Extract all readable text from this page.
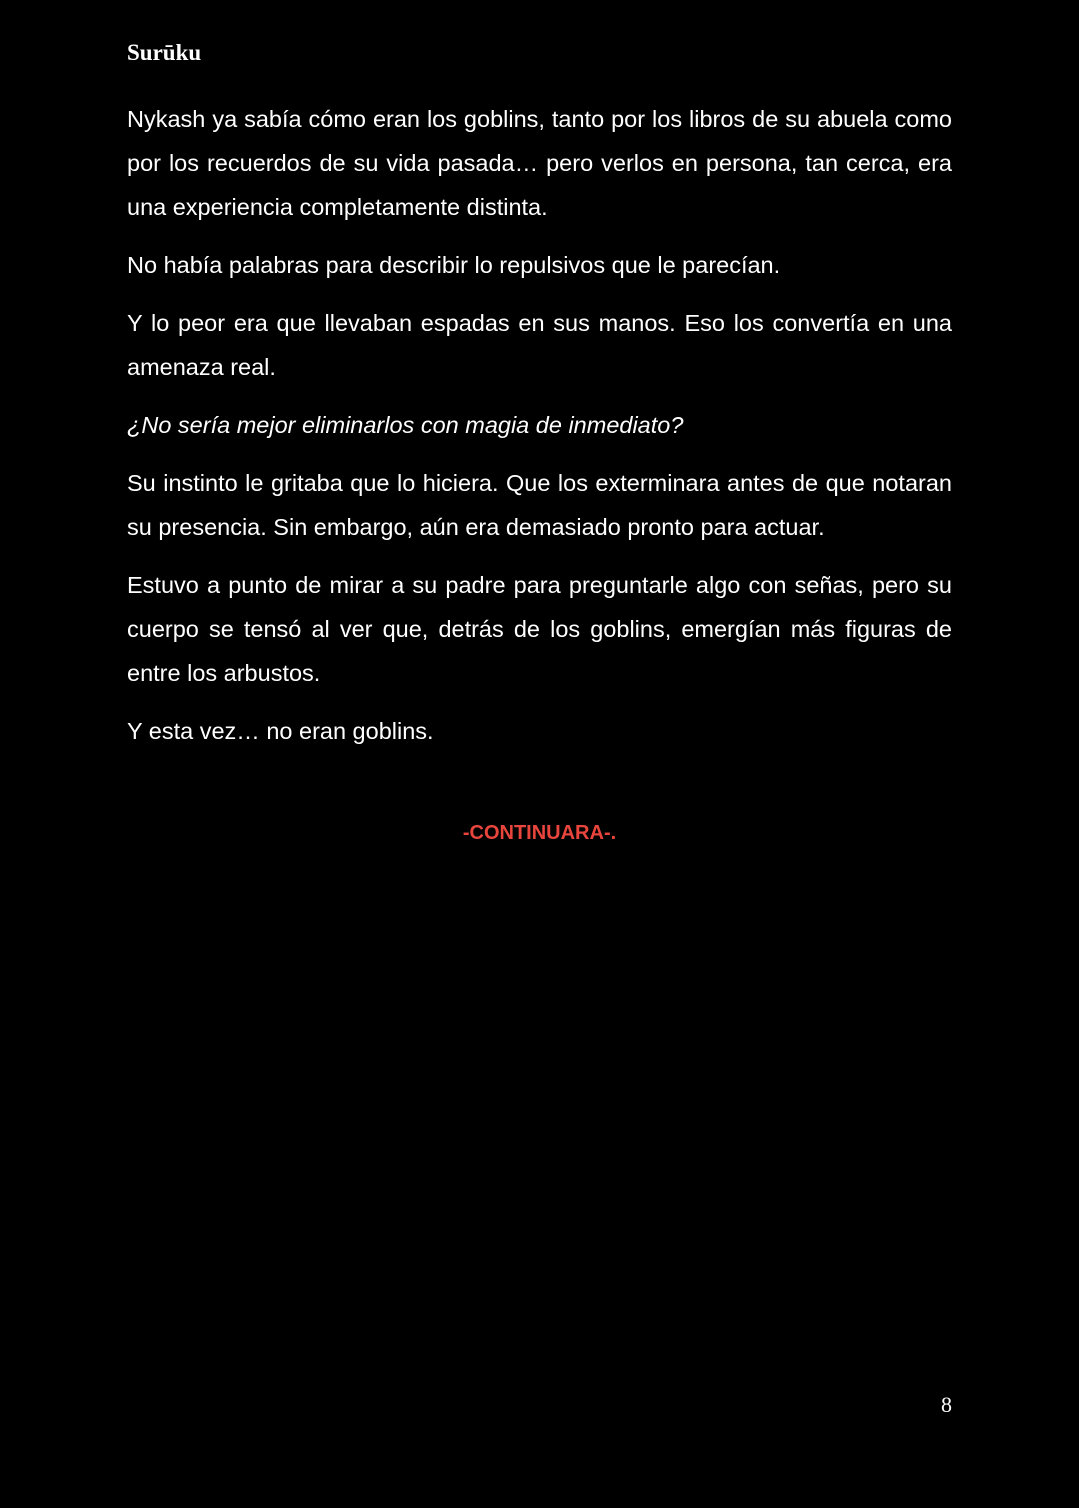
Surūku

Nykash ya sabía cómo eran los goblins, tanto por los libros de su abuela como por los recuerdos de su vida pasada… pero verlos en persona, tan cerca, era una experiencia completamente distinta.

No había palabras para describir lo repulsivos que le parecían.

Y lo peor era que llevaban espadas en sus manos. Eso los convertía en una amenaza real.

¿No sería mejor eliminarlos con magia de inmediato?

Su instinto le gritaba que lo hiciera. Que los exterminara antes de que notaran su presencia. Sin embargo, aún era demasiado pronto para actuar.

Estuvo a punto de mirar a su padre para preguntarle algo con señas, pero su cuerpo se tensó al ver que, detrás de los goblins, emergían más figuras de entre los arbustos.

Y esta vez… no eran goblins.

-CONTINUARA-.
8
